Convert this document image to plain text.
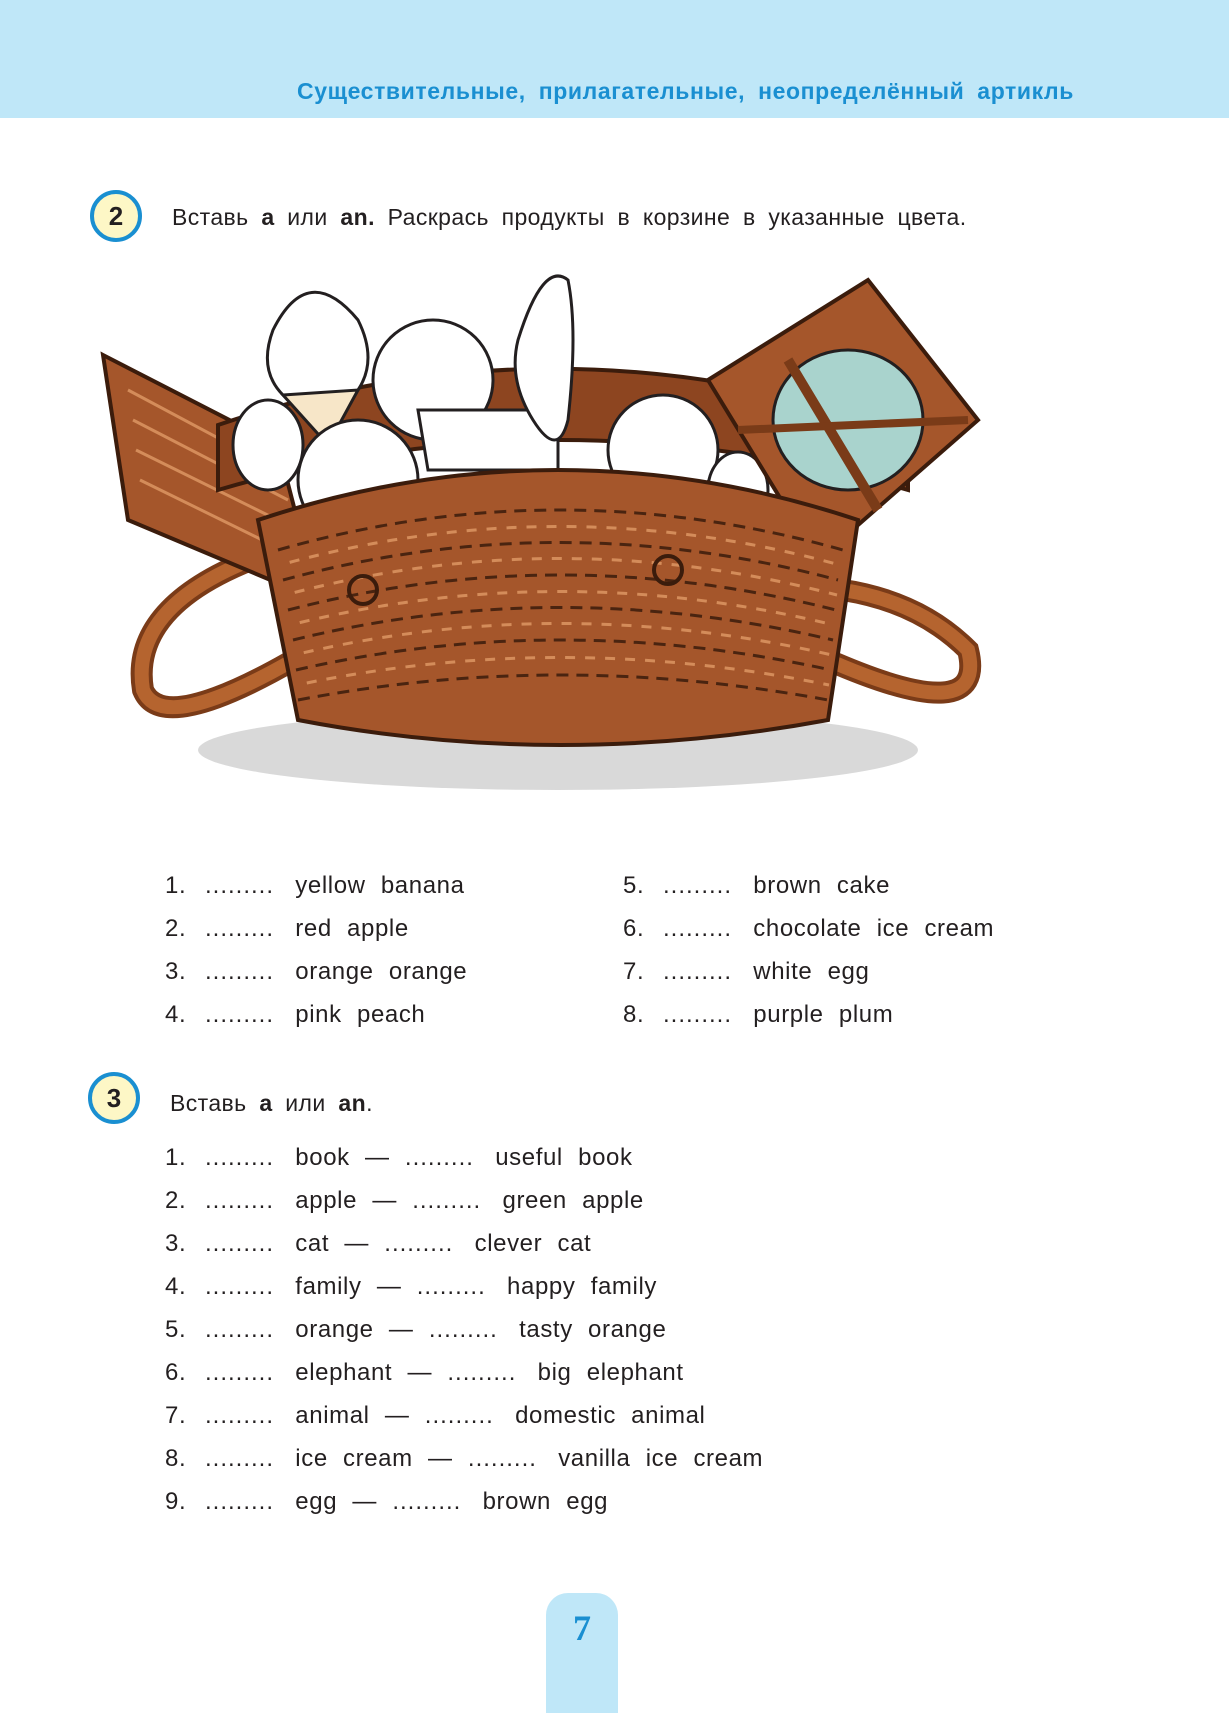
Существительные, прилагательные, неопределённый артикль
2	Вставь a или an. Раскрась продукты в корзине в указанные цвета.
1. ......... yellow banana
2. ......... red apple
3. ......... orange orange
4. ......... pink peach
5. ......... brown cake
6. ......... chocolate ice cream
7. ......... white egg
8. ......... purple plum
3	Вставь a или an.
1. ......... book — ......... useful book
2. ......... apple — ......... green apple
3. ......... cat — ......... clever cat
4. ......... family — ......... happy family
5. ......... orange — ......... tasty orange
6. ......... elephant — ......... big elephant
7. ......... animal — ......... domestic animal
8. ......... ice cream — ......... vanilla ice cream
9. ......... egg — ......... brown egg
7
